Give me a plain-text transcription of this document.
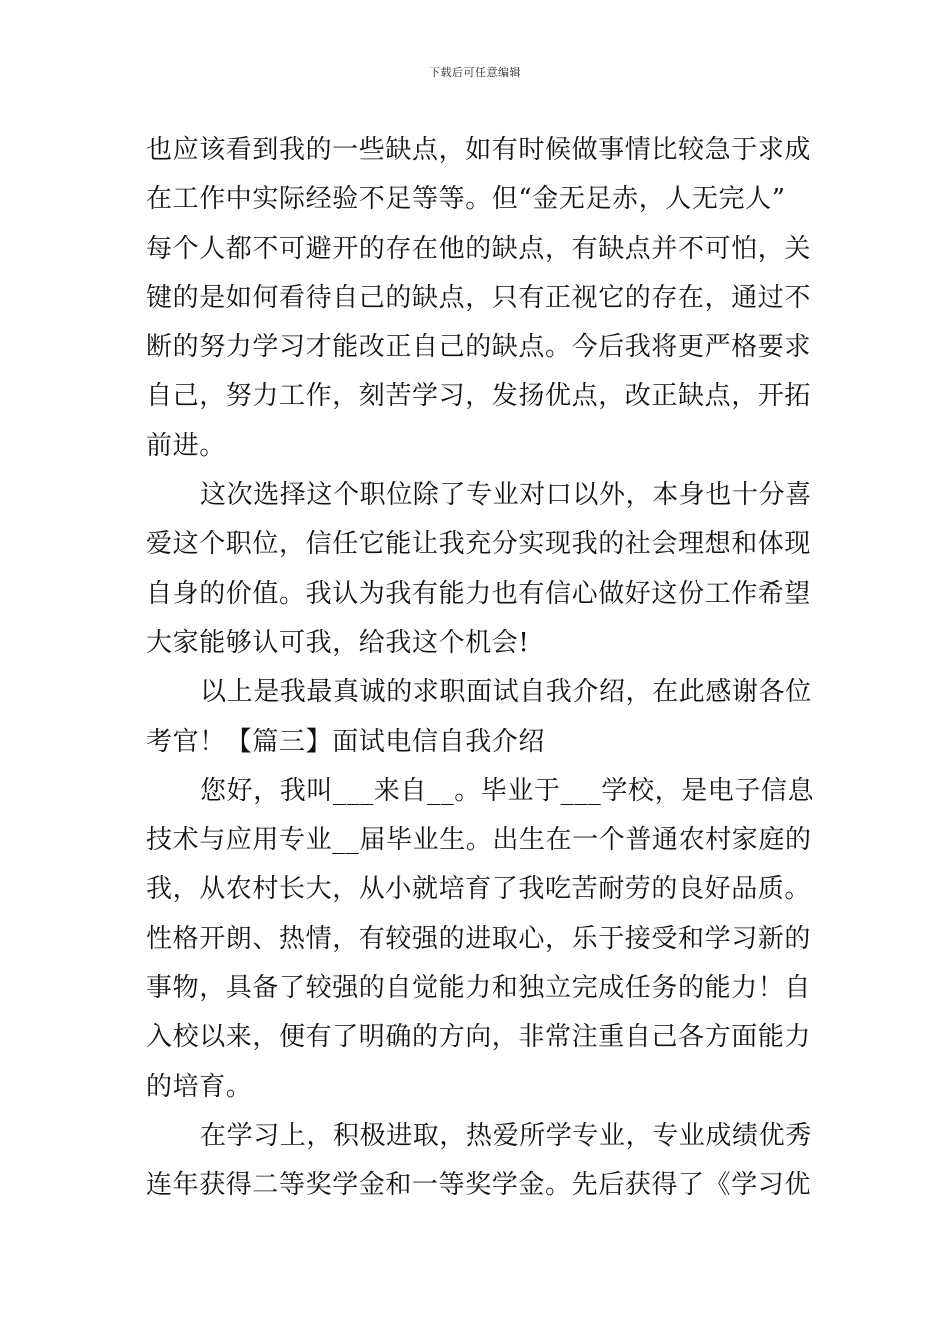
下载后可任意编辑
也应该看到我的一些缺点，如有时候做事情比较急于求成
在工作中实际经验不足等等。但“金无足赤，人无完人”
每个人都不可避开的存在他的缺点，有缺点并不可怕，关
键的是如何看待自己的缺点，只有正视它的存在，通过不
断的努力学习才能改正自己的缺点。今后我将更严格要求
自己，努力工作，刻苦学习，发扬优点，改正缺点，开拓
前进。
这次选择这个职位除了专业对口以外，本身也十分喜
爱这个职位，信任它能让我充分实现我的社会理想和体现
自身的价值。我认为我有能力也有信心做好这份工作希望
大家能够认可我，给我这个机会!
以上是我最真诚的求职面试自我介绍，在此感谢各位
考官！【篇三】面试电信自我介绍
您好，我叫___来自__。毕业于___学校，是电子信息
技术与应用专业__届毕业生。出生在一个普通农村家庭的
我，从农村长大，从小就培育了我吃苦耐劳的良好品质。
性格开朗、热情，有较强的进取心，乐于接受和学习新的
事物，具备了较强的自觉能力和独立完成任务的能力！自
入校以来，便有了明确的方向，非常注重自己各方面能力
的培育。
在学习上，积极进取，热爱所学专业，专业成绩优秀
连年获得二等奖学金和一等奖学金。先后获得了《学习优
